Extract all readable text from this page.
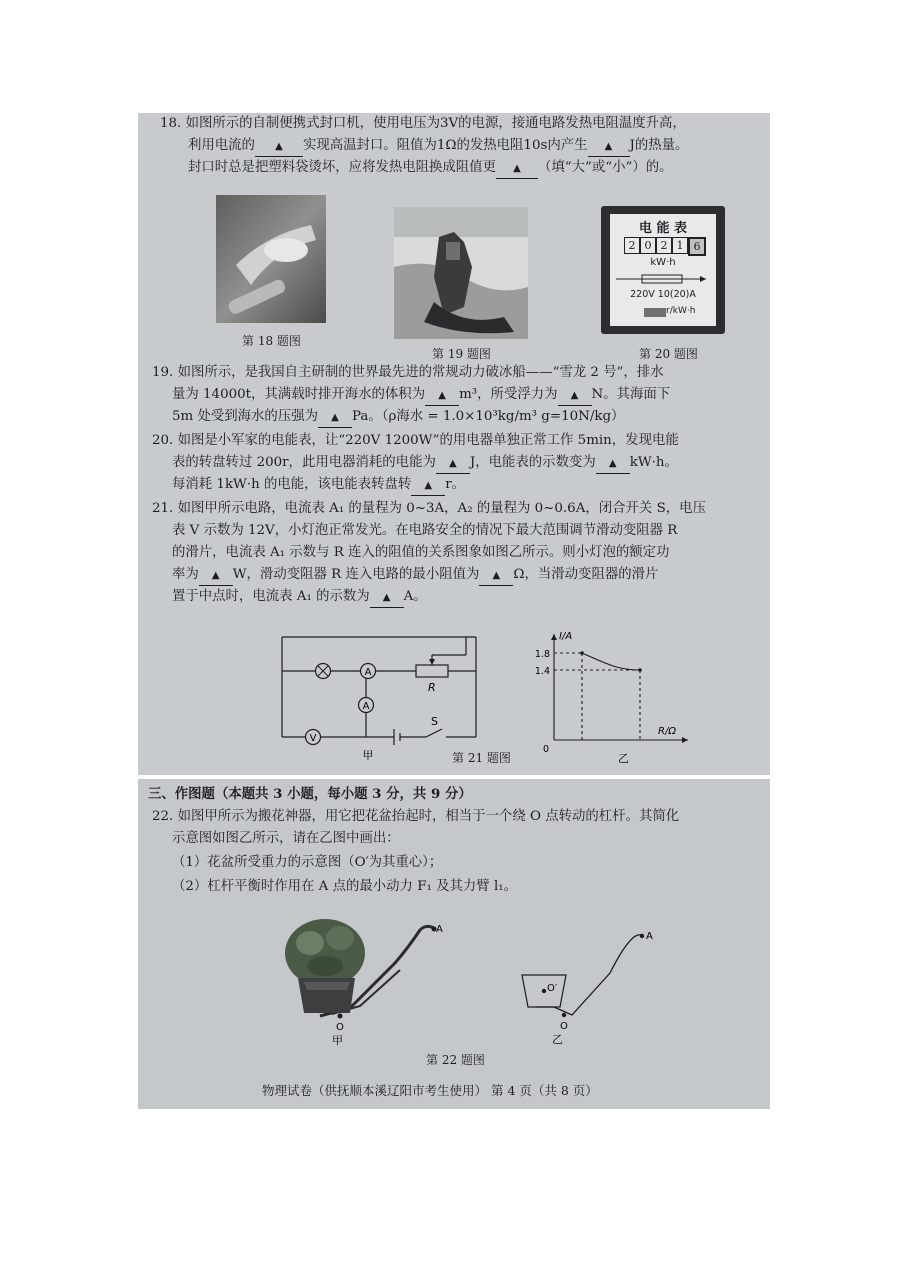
18. 如图所示的自制便携式封口机，使用电压为3V的电源，接通电路发热电阻温度升高，
利用电流的 ▲ 实现高温封口。阻值为1Ω的发热电阻10s内产生 ▲ J的热量。
封口时总是把塑料袋烫坏，应将发热电阻换成阻值更 ▲ （填“大”或“小”）的。
第 18 题图
第 19 题图
电 能 表
2 0 2 1 6
kW·h
220V 10(20)A
r/kW·h
第 20 题图
19. 如图所示，是我国自主研制的世界最先进的常规动力破冰船——“雪龙 2 号”，排水
量为 14000t，其满载时排开海水的体积为 ▲ m³，所受浮力为 ▲ N。其海面下
5m 处受到海水的压强为 ▲ Pa。（ρ海水 = 1.0×10³kg/m³ g=10N/kg）
20. 如图是小军家的电能表，让“220V 1200W”的用电器单独正常工作 5min，发现电能
表的转盘转过 200r，此用电器消耗的电能为 ▲ J，电能表的示数变为 ▲ kW·h。
每消耗 1kW·h 的电能，该电能表转盘转 ▲ r。
21. 如图甲所示电路，电流表 A₁ 的量程为 0~3A，A₂ 的量程为 0~0.6A，闭合开关 S，电压
表 V 示数为 12V，小灯泡正常发光。在电路安全的情况下最大范围调节滑动变阻器 R
的滑片，电流表 A₁ 示数与 R 连入的阻值的关系图象如图乙所示。则小灯泡的额定功
率为 ▲ W，滑动变阻器 R 连入电路的最小阻值为 ▲ Ω，当滑动变阻器的滑片
置于中点时，电流表 A₁ 的示数为 ▲ A。
A
A
V
R
S
甲	第 21 题图
I/A
R/Ω
1.8
1.4
0
乙
三、作图题（本题共 3 小题，每小题 3 分，共 9 分）
22. 如图甲所示为搬花神器，用它把花盆抬起时，相当于一个绕 O 点转动的杠杆。其简化
示意图如图乙所示，请在乙图中画出：
（1）花盆所受重力的示意图（O′为其重心）；
（2）杠杆平衡时作用在 A 点的最小动力 F₁ 及其力臂 l₁。
A
O
甲
O′
O
A
乙
第 22 题图
物理试卷（供抚顺本溪辽阳市考生使用） 第 4 页（共 8 页）
